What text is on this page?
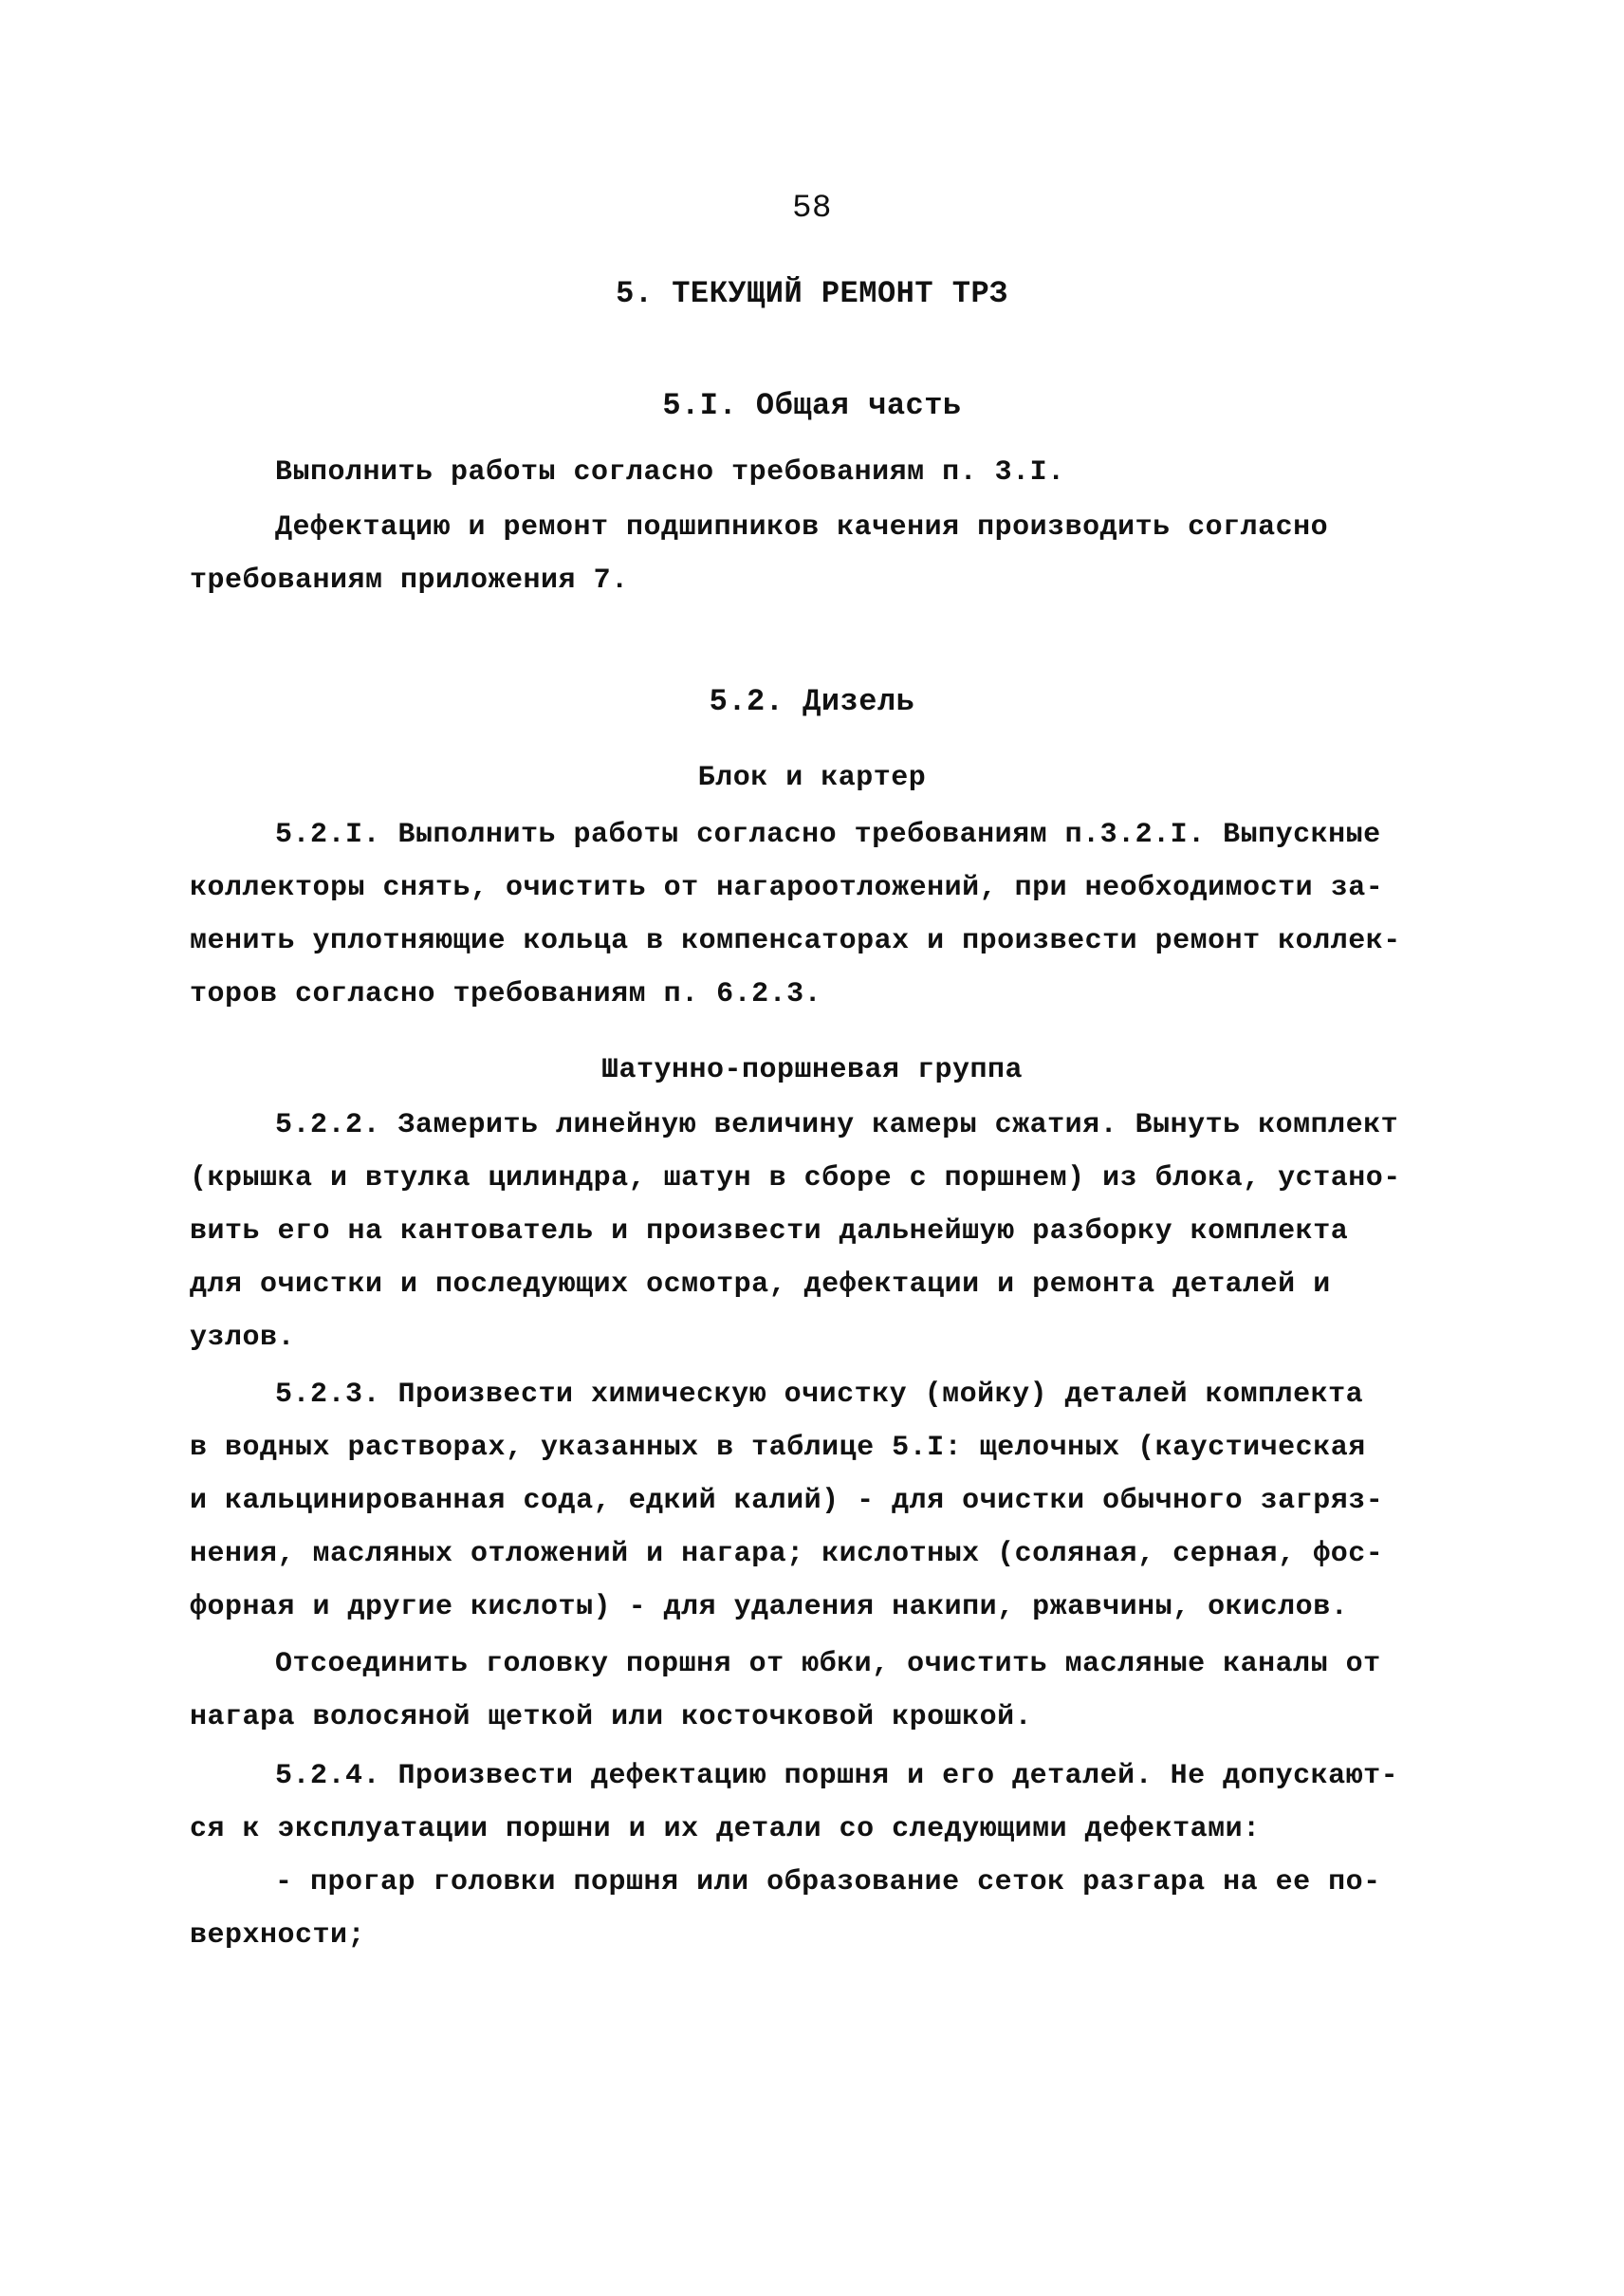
58
5. ТЕКУЩИЙ РЕМОНТ ТРЗ
5.I. Общая часть
Выполнить работы согласно требованиям п. 3.I.
Дефектацию и ремонт подшипников качения производить согласно
требованиям приложения 7.
5.2. Дизель
Блок и картер
5.2.I. Выполнить работы согласно требованиям п.3.2.I. Выпускные
коллекторы снять, очистить от нагароотложений, при необходимости за-
менить уплотняющие кольца в компенсаторах и произвести ремонт коллек-
торов согласно требованиям п. 6.2.3.
Шатунно-поршневая группа
5.2.2. Замерить линейную величину камеры сжатия. Вынуть комплект
(крышка и втулка цилиндра, шатун в сборе с поршнем) из блока, устано-
вить его на кантователь и произвести дальнейшую разборку комплекта
для очистки и последующих осмотра, дефектации и ремонта деталей и
узлов.
5.2.3. Произвести химическую очистку (мойку) деталей комплекта
в водных растворах, указанных в таблице 5.I: щелочных (каустическая
и кальцинированная сода, едкий калий) - для очистки обычного загряз-
нения, масляных отложений и нагара; кислотных (соляная, серная, фос-
форная и другие кислоты) - для удаления накипи, ржавчины, окислов.
Отсоединить головку поршня от юбки, очистить масляные каналы от
нагара волосяной щеткой или косточковой крошкой.
5.2.4. Произвести дефектацию поршня и его деталей. Не допускают-
ся к эксплуатации поршни и их детали со следующими дефектами:
- прогар головки поршня или образование сеток разгара на ее по-
верхности;
